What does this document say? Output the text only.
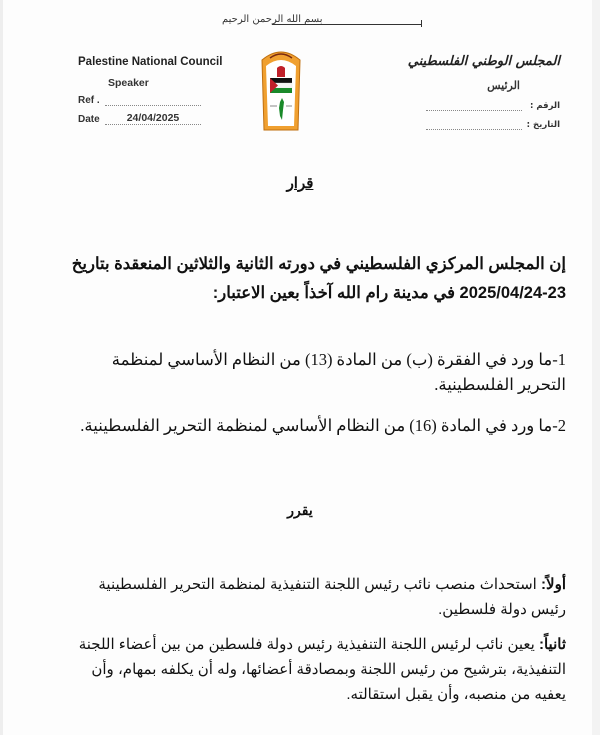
بسم الله الرحمن الرحيم
Palestine National Council
Speaker
Ref .
Date	24/04/2025
المجلس الوطني الفلسطيني
الرئيس
الرقم :
التاريخ :
قرار
إن المجلس المركزي الفلسطيني في دورته الثانية والثلاثين المنعقدة بتاريخ 23-2025/04/24 في مدينة رام الله آخذاً بعين الاعتبار:
1-ما ورد في الفقرة (ب) من المادة (13) من النظام الأساسي لمنظمة التحرير الفلسطينية.
2-ما ورد في المادة (16) من النظام الأساسي لمنظمة التحرير الفلسطينية.
يقرر
أولاً: استحداث منصب نائب رئيس اللجنة التنفيذية لمنظمة التحرير الفلسطينية رئيس دولة فلسطين.
ثانياً: يعين نائب لرئيس اللجنة التنفيذية رئيس دولة فلسطين من بين أعضاء اللجنة التنفيذية، بترشيح من رئيس اللجنة وبمصادقة أعضائها، وله أن يكلفه بمهام، وأن يعفيه من منصبه، وأن يقبل استقالته.
